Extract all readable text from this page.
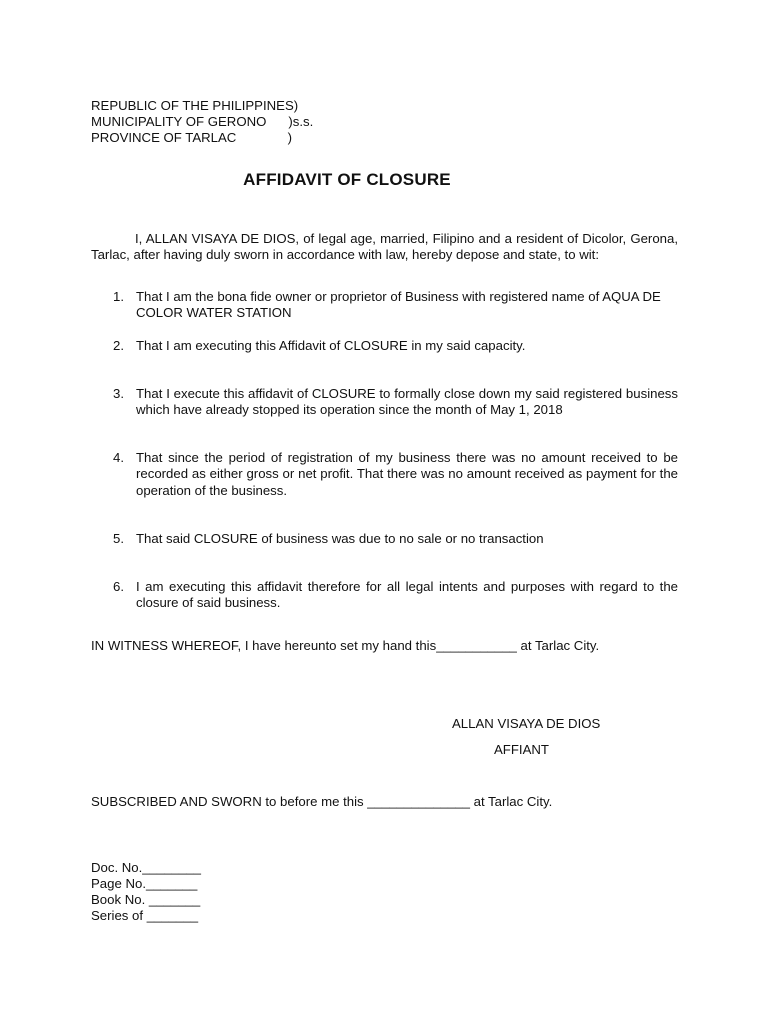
REPUBLIC OF THE PHILIPPINES)
MUNICIPALITY OF GERONO      )s.s.
PROVINCE OF TARLAC              )
AFFIDAVIT OF CLOSURE
I, ALLAN VISAYA DE DIOS, of legal age, married, Filipino and a resident of Dicolor, Gerona, Tarlac, after having duly sworn in accordance with law, hereby depose and state, to wit:
1. That I am the bona fide owner or proprietor of Business with registered name of AQUA DE COLOR WATER STATION
2. That I am executing this Affidavit of CLOSURE in my said capacity.
3. That I execute this affidavit of CLOSURE to formally close down my said registered business which have already stopped its operation since the month of May 1, 2018
4. That since the period of registration of my business there was no amount received to be recorded as either gross or net profit. That there was no amount received as payment for the operation of the business.
5. That said CLOSURE of business was due to no sale or no transaction
6. I am executing this affidavit therefore for all legal intents and purposes with regard to the closure of said business.
IN WITNESS WHEREOF, I have hereunto set my hand this___________ at Tarlac City.
ALLAN VISAYA DE DIOS
AFFIANT
SUBSCRIBED AND SWORN to before me this ______________ at Tarlac City.
Doc. No.________
Page No._______
Book No. _______
Series of _______
